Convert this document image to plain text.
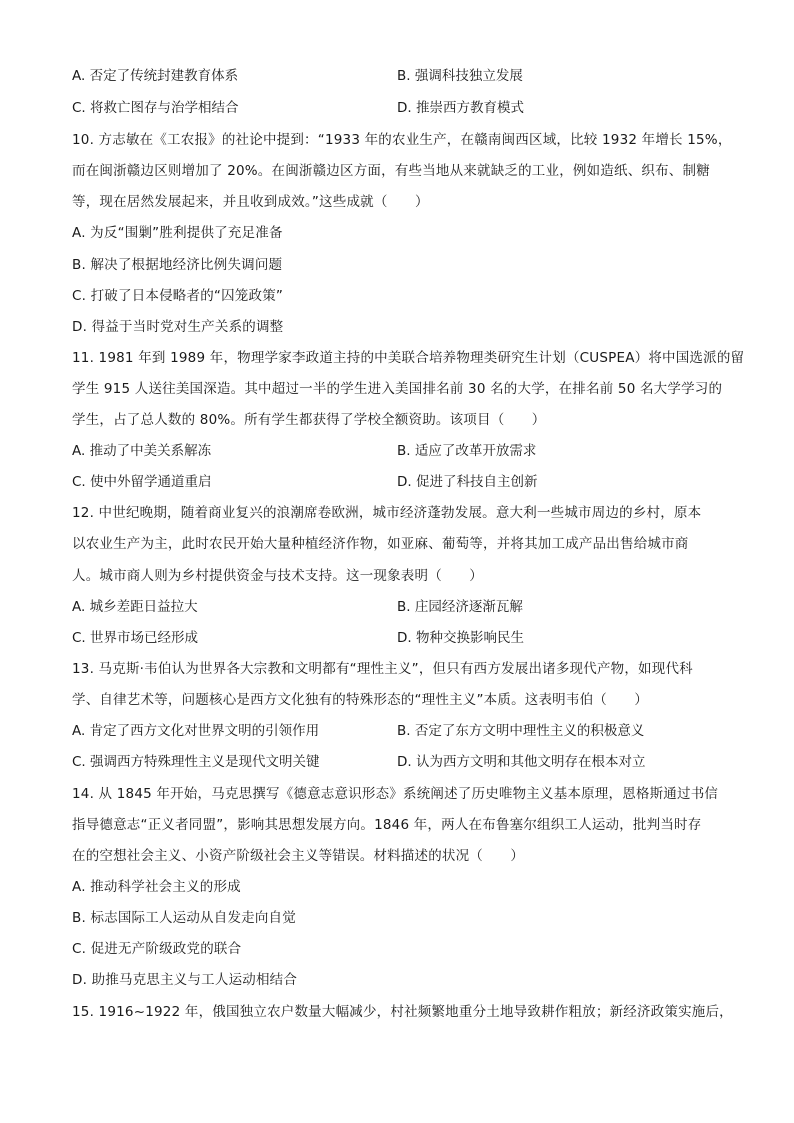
A. 否定了传统封建教育体系	B. 强调科技独立发展
C. 将救亡图存与治学相结合	D. 推崇西方教育模式
10. 方志敏在《工农报》的社论中提到：“1933 年的农业生产，在赣南闽西区域，比较 1932 年增长 15%，
而在闽浙赣边区则增加了 20%。在闽浙赣边区方面，有些当地从来就缺乏的工业，例如造纸、织布、制糖
等，现在居然发展起来，并且收到成效。”这些成就（　　）
A. 为反“围剿”胜利提供了充足准备
B. 解决了根据地经济比例失调问题
C. 打破了日本侵略者的“囚笼政策”
D. 得益于当时党对生产关系的调整
11. 1981 年到 1989 年，物理学家李政道主持的中美联合培养物理类研究生计划（CUSPEA）将中国选派的留
学生 915 人送往美国深造。其中超过一半的学生进入美国排名前 30 名的大学，在排名前 50 名大学学习的
学生，占了总人数的 80%。所有学生都获得了学校全额资助。该项目（　　）
A. 推动了中美关系解冻	B. 适应了改革开放需求
C. 使中外留学通道重启	D. 促进了科技自主创新
12. 中世纪晚期，随着商业复兴的浪潮席卷欧洲，城市经济蓬勃发展。意大利一些城市周边的乡村，原本
以农业生产为主，此时农民开始大量种植经济作物，如亚麻、葡萄等，并将其加工成产品出售给城市商
人。城市商人则为乡村提供资金与技术支持。这一现象表明（　　）
A. 城乡差距日益拉大	B. 庄园经济逐渐瓦解
C. 世界市场已经形成	D. 物种交换影响民生
13. 马克斯·韦伯认为世界各大宗教和文明都有“理性主义”，但只有西方发展出诸多现代产物，如现代科
学、自律艺术等，问题核心是西方文化独有的特殊形态的“理性主义”本质。这表明韦伯（　　）
A. 肯定了西方文化对世界文明的引领作用	B. 否定了东方文明中理性主义的积极意义
C. 强调西方特殊理性主义是现代文明关键	D. 认为西方文明和其他文明存在根本对立
14. 从 1845 年开始，马克思撰写《德意志意识形态》系统阐述了历史唯物主义基本原理，恩格斯通过书信
指导德意志“正义者同盟”，影响其思想发展方向。1846 年，两人在布鲁塞尔组织工人运动，批判当时存
在的空想社会主义、小资产阶级社会主义等错误。材料描述的状况（　　）
A. 推动科学社会主义的形成
B. 标志国际工人运动从自发走向自觉
C. 促进无产阶级政党的联合
D. 助推马克思主义与工人运动相结合
15. 1916~1922 年，俄国独立农户数量大幅减少，村社频繁地重分土地导致耕作粗放；新经济政策实施后，
